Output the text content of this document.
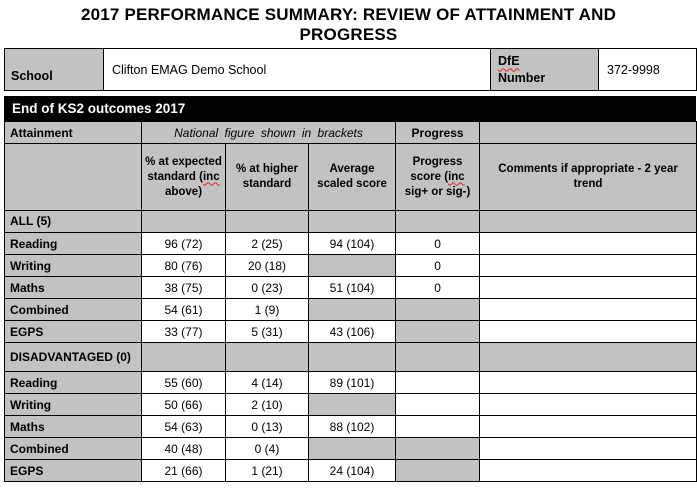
2017 PERFORMANCE SUMMARY: REVIEW OF ATTAINMENT AND PROGRESS
School	Clifton EMAG Demo School	
DfE
Number
	372-9998
End of KS2 outcomes 2017
Attainment	National figure shown in brackets			Progress	
	% at expected standard (inc above)	% at higher standard	Average scaled score	Progress score (inc sig+ or sig-)	Comments if appropriate - 2 year trend
ALL (5)					
Reading	96 (72)	2 (25)	94 (104)	0	
Writing	80 (76)	20 (18)		0	
Maths	38 (75)	0 (23)	51 (104)	0	
Combined	54 (61)	1 (9)			
EGPS	33 (77)	5 (31)	43 (106)		
DISADVANTAGED (0)					
Reading	55 (60)	4 (14)	89 (101)		
Writing	50 (66)	2 (10)			
Maths	54 (63)	0 (13)	88 (102)		
Combined	40 (48)	0 (4)			
EGPS	21 (66)	1 (21)	24 (104)		
